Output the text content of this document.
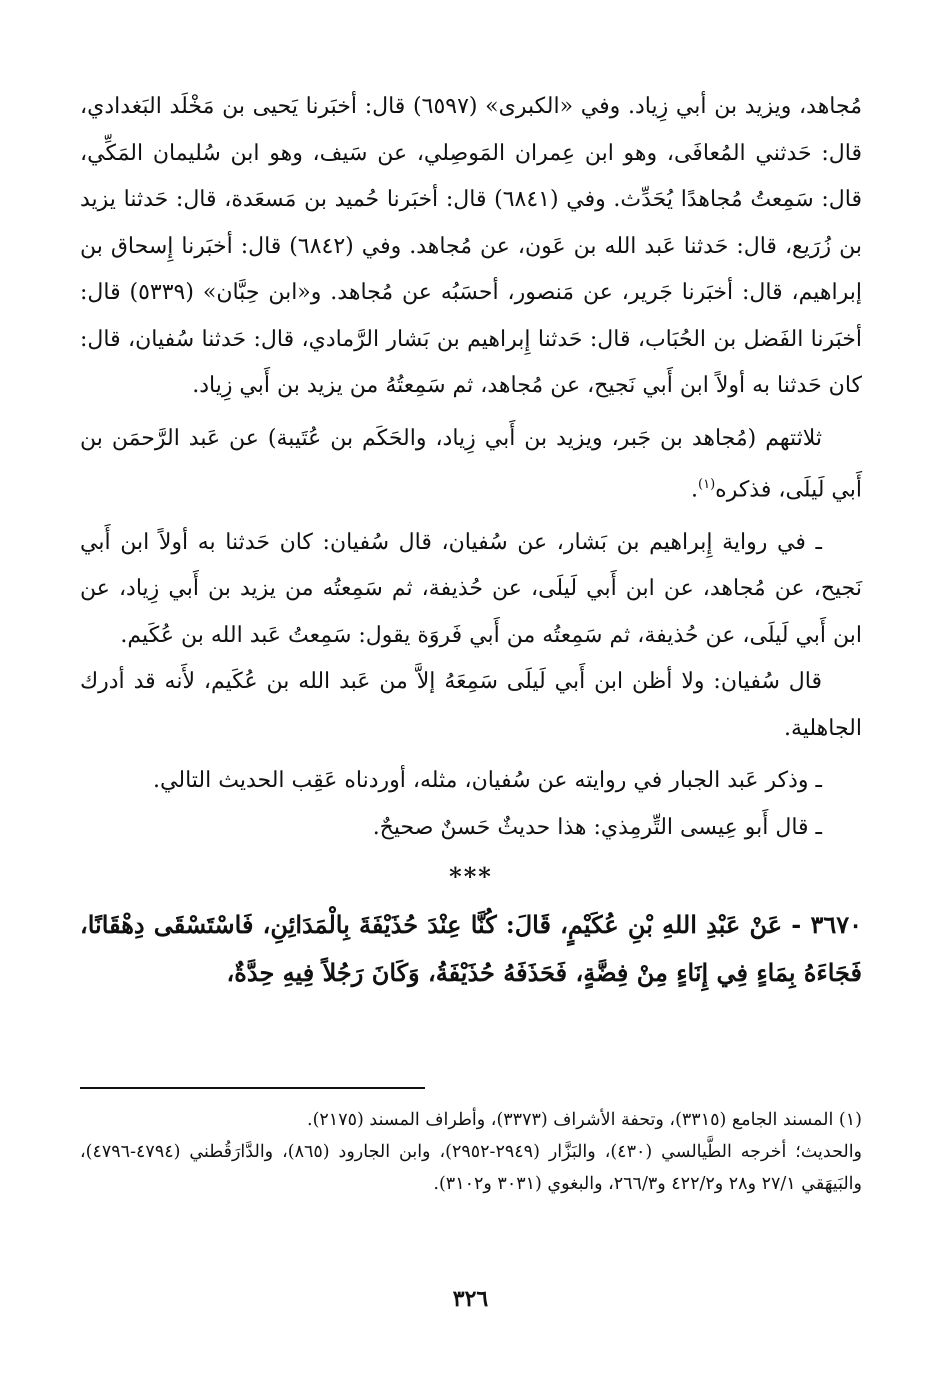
مُجاهد، ويزيد بن أبي زِياد. وفي «الكبرى» (٦٥٩٧) قال: أخبَرنا يَحيى بن مَخْلَد البَغدادي، قال: حَدثني المُعافَى، وهو ابن عِمران المَوصِلي، عن سَيف، وهو ابن سُليمان المَكِّي، قال: سَمِعتُ مُجاهدًا يُحَدِّث. وفي (٦٨٤١) قال: أخبَرنا حُميد بن مَسعَدة، قال: حَدثنا يزيد بن زُرَيع، قال: حَدثنا عَبد الله بن عَون، عن مُجاهد. وفي (٦٨٤٢) قال: أخبَرنا إِسحاق بن إبراهيم، قال: أخبَرنا جَرير، عن مَنصور، أحسَبُه عن مُجاهد. و«ابن حِبَّان» (٥٣٣٩) قال: أخبَرنا الفَضل بن الحُبَاب، قال: حَدثنا إِبراهيم بن بَشار الرَّمادي، قال: حَدثنا سُفيان، قال: كان حَدثنا به أولاً ابن أَبي نَجيح، عن مُجاهد، ثم سَمِعتُهُ من يزيد بن أَبي زِياد.

ثلاثتهم (مُجاهد بن جَبر، ويزيد بن أَبي زِياد، والحَكَم بن عُتَيبة) عن عَبد الرَّحمَن بن أَبي لَيلَى، فذكره$^{(١)}$.

ـ في رواية إِبراهيم بن بَشار، عن سُفيان، قال سُفيان: كان حَدثنا به أولاً ابن أَبي نَجيح، عن مُجاهد، عن ابن أَبي لَيلَى، عن حُذيفة، ثم سَمِعتُه من يزيد بن أَبي زِياد، عن ابن أَبي لَيلَى، عن حُذيفة، ثم سَمِعتُه من أَبي فَروَة يقول: سَمِعتُ عَبد الله بن عُكَيم.

قال سُفيان: ولا أظن ابن أَبي لَيلَى سَمِعَهُ إلاَّ من عَبد الله بن عُكَيم، لأَنه قد أدرك الجاهلية.

ـ وذكر عَبد الجبار في روايته عن سُفيان، مثله، أوردناه عَقِب الحديث التالي.

ـ قال أَبو عِيسى التِّرمِذي: هذا حديثٌ حَسنٌ صحيحٌ.

***

٣٦٧٠ - عَنْ عَبْدِ اللهِ بْنِ عُكَيْمٍ، قَالَ: كُنَّا عِنْدَ حُذَيْفَةَ بِالْمَدَائِنِ، فَاسْتَسْقَى دِهْقَانًا، فَجَاءَهُ بِمَاءٍ فِي إِنَاءٍ مِنْ فِضَّةٍ، فَحَذَفَهُ حُذَيْفَةُ، وَكَانَ رَجُلاً فِيهِ حِدَّةٌ،

(١) المسند الجامع (٣٣١٥)، وتحفة الأشراف (٣٣٧٣)، وأطراف المسند (٢١٧٥).

والحديث؛ أخرجه الطَّيالسي (٤٣٠)، والبَزَّار (٢٩٤٩-٢٩٥٢)، وابن الجارود (٨٦٥)، والدَّارَقُطني (٤٧٩٤-٤٧٩٦)، والبَيهَقي ٢٧/١ و٢٨ و٤٢٢/٢ و٢٦٦/٣، والبغوي (٣٠٣١ و٣١٠٢).

٣٢٦
